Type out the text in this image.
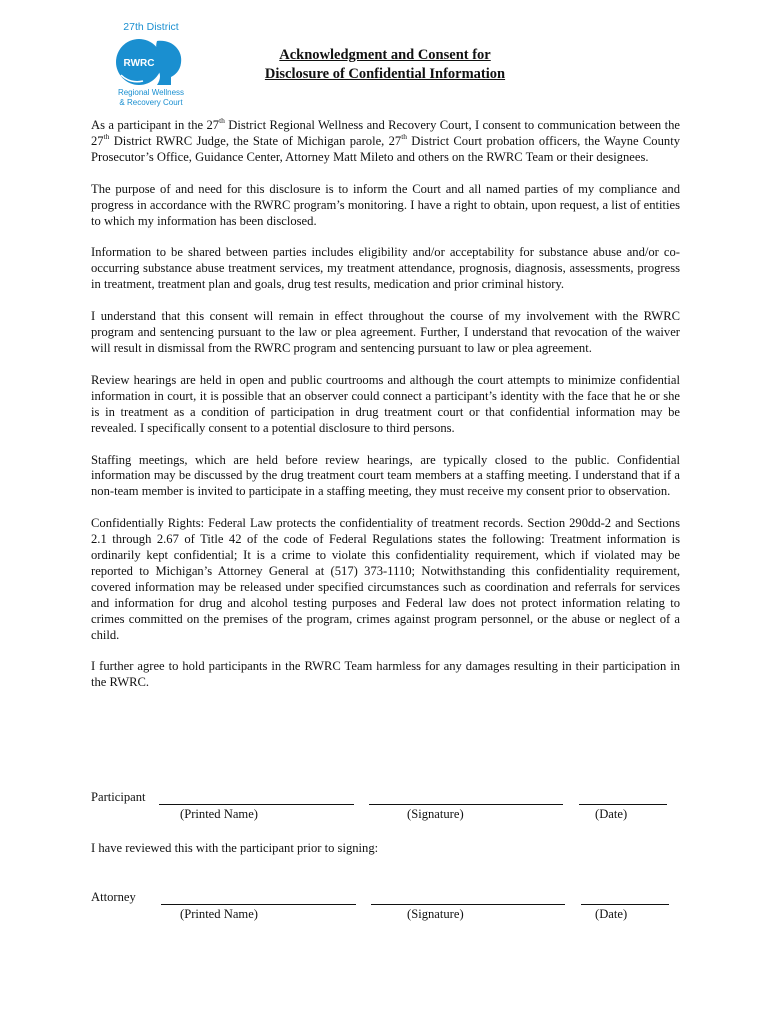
27th District
RWRC
Regional Wellness
& Recovery Court
Acknowledgment and Consent for
Disclosure of Confidential Information

As a participant in the 27th District Regional Wellness and Recovery Court, I consent to communication between the 27th District RWRC Judge, the State of Michigan parole, 27th District Court probation officers, the Wayne County Prosecutor’s Office, Guidance Center, Attorney Matt Mileto and others on the RWRC Team or their designees.

The purpose of and need for this disclosure is to inform the Court and all named parties of my compliance and progress in accordance with the RWRC program’s monitoring. I have a right to obtain, upon request, a list of entities to which my information has been disclosed.

Information to be shared between parties includes eligibility and/or acceptability for substance abuse and/or co-occurring substance abuse treatment services, my treatment attendance, prognosis, diagnosis, assessments, progress in treatment, treatment plan and goals, drug test results, medication and prior criminal history.

I understand that this consent will remain in effect throughout the course of my involvement with the RWRC program and sentencing pursuant to the law or plea agreement. Further, I understand that revocation of the waiver will result in dismissal from the RWRC program and sentencing pursuant to law or plea agreement.

Review hearings are held in open and public courtrooms and although the court attempts to minimize confidential information in court, it is possible that an observer could connect a participant’s identity with the face that he or she is in treatment as a condition of participation in drug treatment court or that confidential information may be revealed. I specifically consent to a potential disclosure to third persons.

Staffing meetings, which are held before review hearings, are typically closed to the public. Confidential information may be discussed by the drug treatment court team members at a staffing meeting. I understand that if a non-team member is invited to participate in a staffing meeting, they must receive my consent prior to observation.

Confidentially Rights: Federal Law protects the confidentiality of treatment records. Section 290dd-2 and Sections 2.1 through 2.67 of Title 42 of the code of Federal Regulations states the following: Treatment information is ordinarily kept confidential; It is a crime to violate this confidentiality requirement, which if violated may be reported to Michigan’s Attorney General at (517) 373-1110; Notwithstanding this confidentiality requirement, covered information may be released under specified circumstances such as coordination and referrals for services and information for drug and alcohol testing purposes and Federal law does not protect information relating to crimes committed on the premises of the program, crimes against program personnel, or the abuse or neglect of a child.

I further agree to hold participants in the RWRC Team harmless for any damages resulting in their participation in the RWRC.

Participant
(Printed Name)	(Signature)	(Date)
I have reviewed this with the participant prior to signing:
Attorney
(Printed Name)	(Signature)	(Date)
